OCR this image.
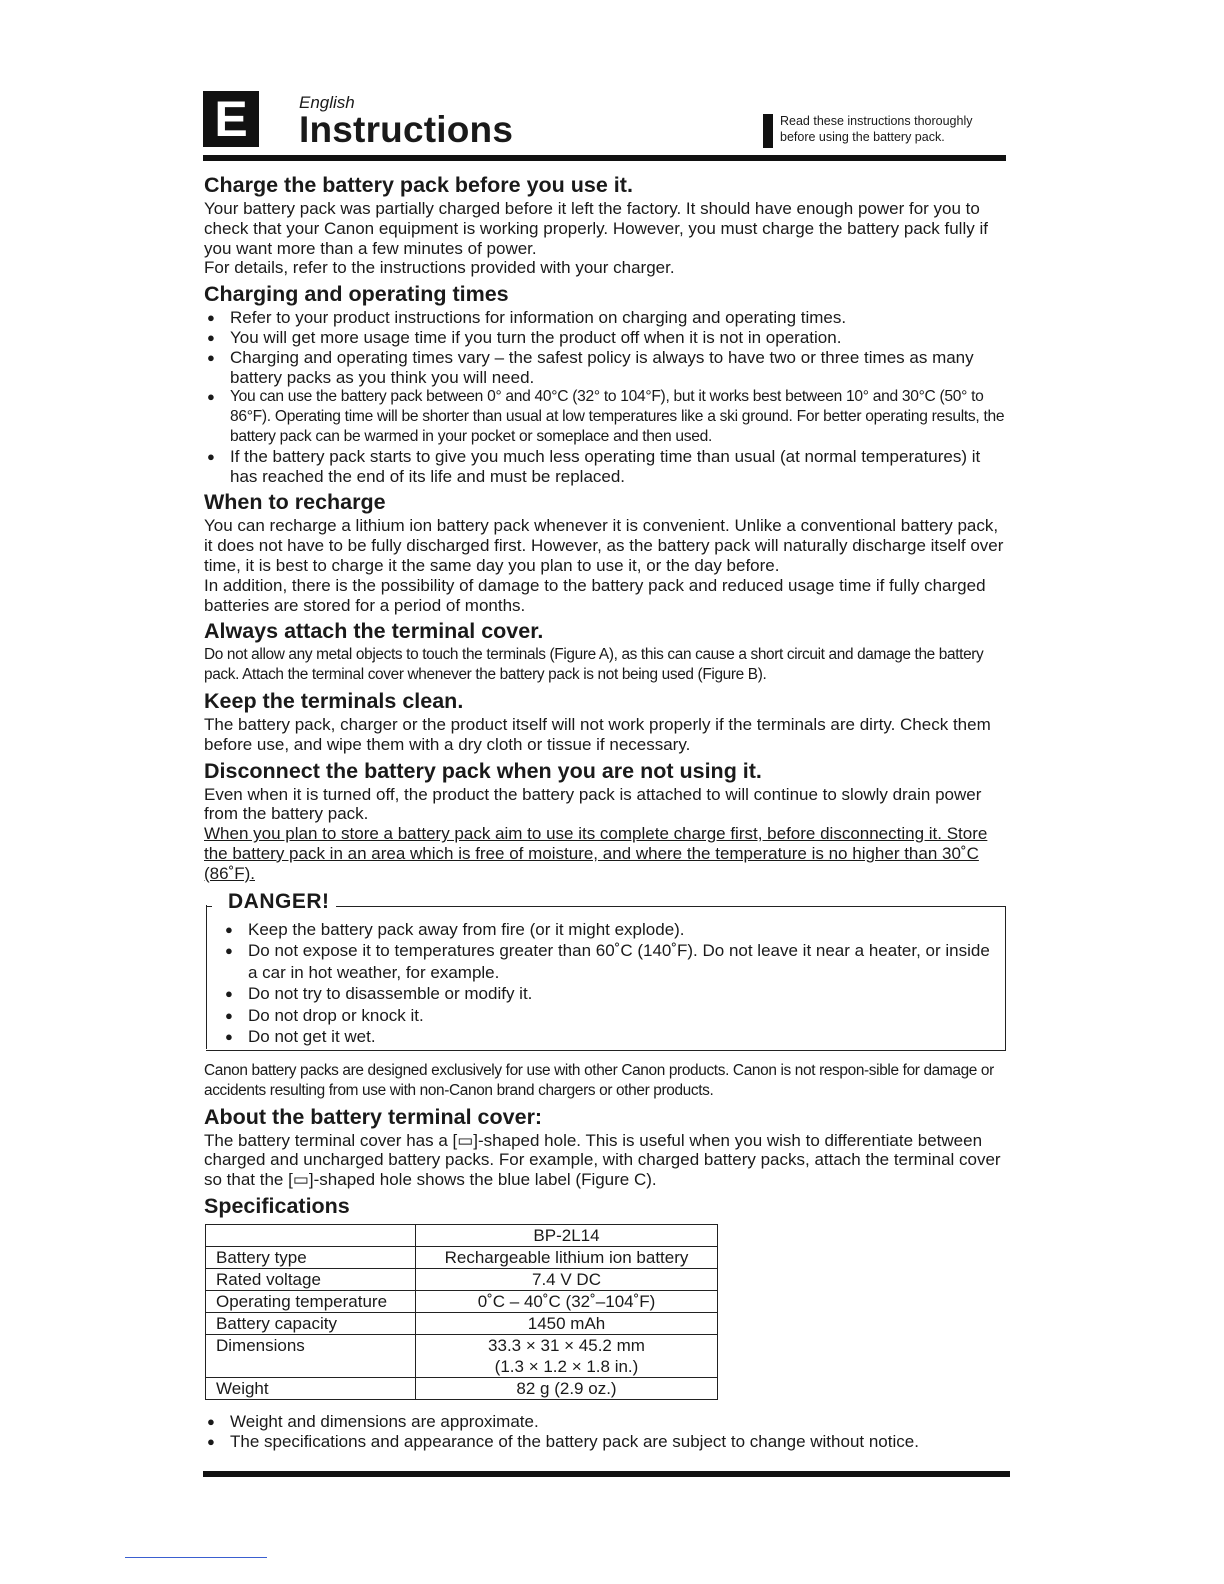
E	English
Instructions	Read these instructions thoroughly
before using the battery pack.
Charge the battery pack before you use it.

Your battery pack was partially charged before it left the factory. It should have enough power for you to check that your Canon equipment is working properly. However, you must charge the battery pack fully if you want more than a few minutes of power.

For details, refer to the instructions provided with your charger.

Charging and operating times
● Refer to your product instructions for information on charging and operating times.
● You will get more usage time if you turn the product off when it is not in operation.
● Charging and operating times vary – the safest policy is always to have two or three times as many battery packs as you think you will need.
● You can use the battery pack between 0° and 40°C (32° to 104°F), but it works best between 10° and 30°C (50° to 86°F). Operating time will be shorter than usual at low temperatures like a ski ground. For better operating results, the battery pack can be warmed in your pocket or someplace and then used.
● If the battery pack starts to give you much less operating time than usual (at normal temperatures) it has reached the end of its life and must be replaced.
When to recharge

You can recharge a lithium ion battery pack whenever it is convenient. Unlike a conventional battery pack, it does not have to be fully discharged first. However, as the battery pack will naturally discharge itself over time, it is best to charge it the same day you plan to use it, or the day before.

In addition, there is the possibility of damage to the battery pack and reduced usage time if fully charged batteries are stored for a period of months.

Always attach the terminal cover.

Do not allow any metal objects to touch the terminals (Figure A), as this can cause a short circuit and damage the battery pack. Attach the terminal cover whenever the battery pack is not being used (Figure B).

Keep the terminals clean.

The battery pack, charger or the product itself will not work properly if the terminals are dirty. Check them before use, and wipe them with a dry cloth or tissue if necessary.

Disconnect the battery pack when you are not using it.

Even when it is turned off, the product the battery pack is attached to will continue to slowly drain power from the battery pack.

When you plan to store a battery pack aim to use its complete charge first, before disconnecting it. Store the battery pack in an area which is free of moisture, and where the temperature is no higher than 30˚C (86˚F).

DANGER!
● Keep the battery pack away from fire (or it might explode).
● Do not expose it to temperatures greater than 60˚C (140˚F). Do not leave it near a heater, or inside a car in hot weather, for example.
● Do not try to disassemble or modify it.
● Do not drop or knock it.
● Do not get it wet.

Canon battery packs are designed exclusively for use with other Canon products. Canon is not respon-sible for damage or accidents resulting from use with non-Canon brand chargers or other products.

About the battery terminal cover:

The battery terminal cover has a [▭]-shaped hole. This is useful when you wish to differentiate between charged and uncharged battery packs. For example, with charged battery packs, attach the terminal cover so that the [▭]-shaped hole shows the blue label (Figure C).

Specifications
	BP-2L14
Battery type	Rechargeable lithium ion battery
Rated voltage	7.4 V DC
Operating temperature	0˚C – 40˚C (32˚–104˚F)
Battery capacity	1450 mAh
Dimensions	33.3 × 31 × 45.2 mm
(1.3 × 1.2 × 1.8 in.)

Weight	82 g (2.9 oz.)
● Weight and dimensions are approximate.
● The specifications and appearance of the battery pack are subject to change without notice.
